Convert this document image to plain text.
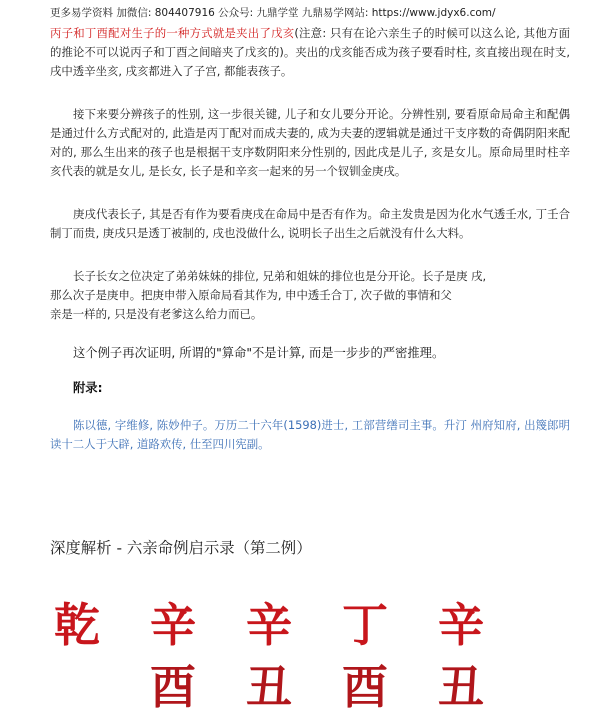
更多易学资料 加微信: 804407916 公众号: 九鼎学堂 九鼎易学网站: https://www.jdyx6.com/

丙子和丁酉配对生子的一种方式就是夹出了戊亥(注意: 只有在论六亲生子的时候可以这么论, 其他方面的推论不可以说丙子和丁酉之间暗夹了戊亥的)。夹出的戊亥能否成为孩子要看时柱, 亥直接出现在时支, 戌中透辛坐亥, 戌亥都进入了子宫, 都能表孩子。

接下来要分辨孩子的性别, 这一步很关键, 儿子和女儿要分开论。分辨性别, 要看原命局命主和配偶是通过什么方式配对的, 此造是丙丁配对而成夫妻的, 成为夫妻的逻辑就是通过干支序数的奇偶阴阳来配对的, 那么生出来的孩子也是根据干支序数阴阳来分性别的, 因此戌是儿子, 亥是女儿。原命局里时柱辛亥代表的就是女儿, 是长女, 长子是和辛亥一起来的另一个钗钏金庚戌。

庚戌代表长子, 其是否有作为要看庚戌在命局中是否有作为。命主发贵是因为化水气透壬水, 丁壬合制丁而贵, 庚戌只是透丁被制的, 戌也没做什么, 说明长子出生之后就没有什么大料。

长子长女之位决定了弟弟妹妹的排位, 兄弟和姐妹的排位也是分开论。长子是庚 戌,

那么次子是庚申。把庚申带入原命局看其作为, 申中透壬合丁, 次子做的事情和父

亲是一样的, 只是没有老爹这么给力而已。

这个例子再次证明, 所谓的"算命"不是计算, 而是一步步的严密推理。

附录:

陈以德, 字维修, 陈妙仲子。万历二十六年(1598)进士, 工部营缮司主事。升汀 州府知府, 出篾郎明读十二人于大辟, 道路欢传, 仕至四川宪副。

深度解析 - 六亲命例启示录（第二例）
乾 辛 辛 丁 辛
酉 丑 酉 丑
